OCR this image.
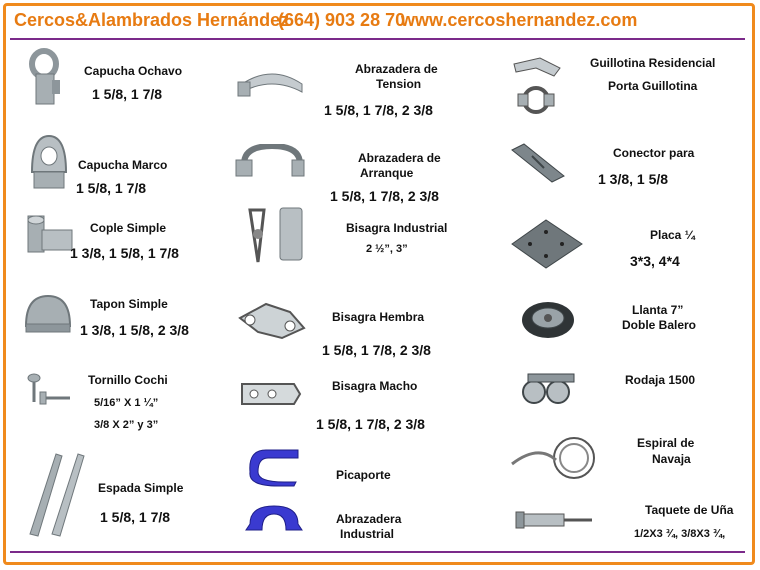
Cercos&Alambrados Hernández
(664) 903 28 70
www.cercoshernandez.com
Capucha Ochavo
1 5/8, 1 7/8
Capucha Marco
1 5/8, 1 7/8
Cople Simple
1 3/8, 1 5/8, 1 7/8
Tapon Simple
1 3/8, 1 5/8, 2 3/8
Tornillo Cochi
5/16” X 1 ¼”
3/8 X 2” y 3”
Espada Simple
1 5/8, 1 7/8
Abrazadera de
Tension
1 5/8, 1 7/8, 2 3/8
Abrazadera de
Arranque
1 5/8, 1 7/8, 2 3/8
Bisagra Industrial
2 ½”, 3”
Bisagra Hembra
1 5/8, 1 7/8, 2 3/8
Bisagra Macho
1 5/8, 1 7/8, 2 3/8
Picaporte
Abrazadera
Industrial
Guillotina Residencial
Porta Guillotina
Conector para
1 3/8, 1 5/8
Placa ¼
3*3, 4*4
Llanta 7”
Doble Balero
Rodaja 1500
Espiral de
Navaja
Taquete de Uña
1/2X3 ¾, 3/8X3 ¾,
